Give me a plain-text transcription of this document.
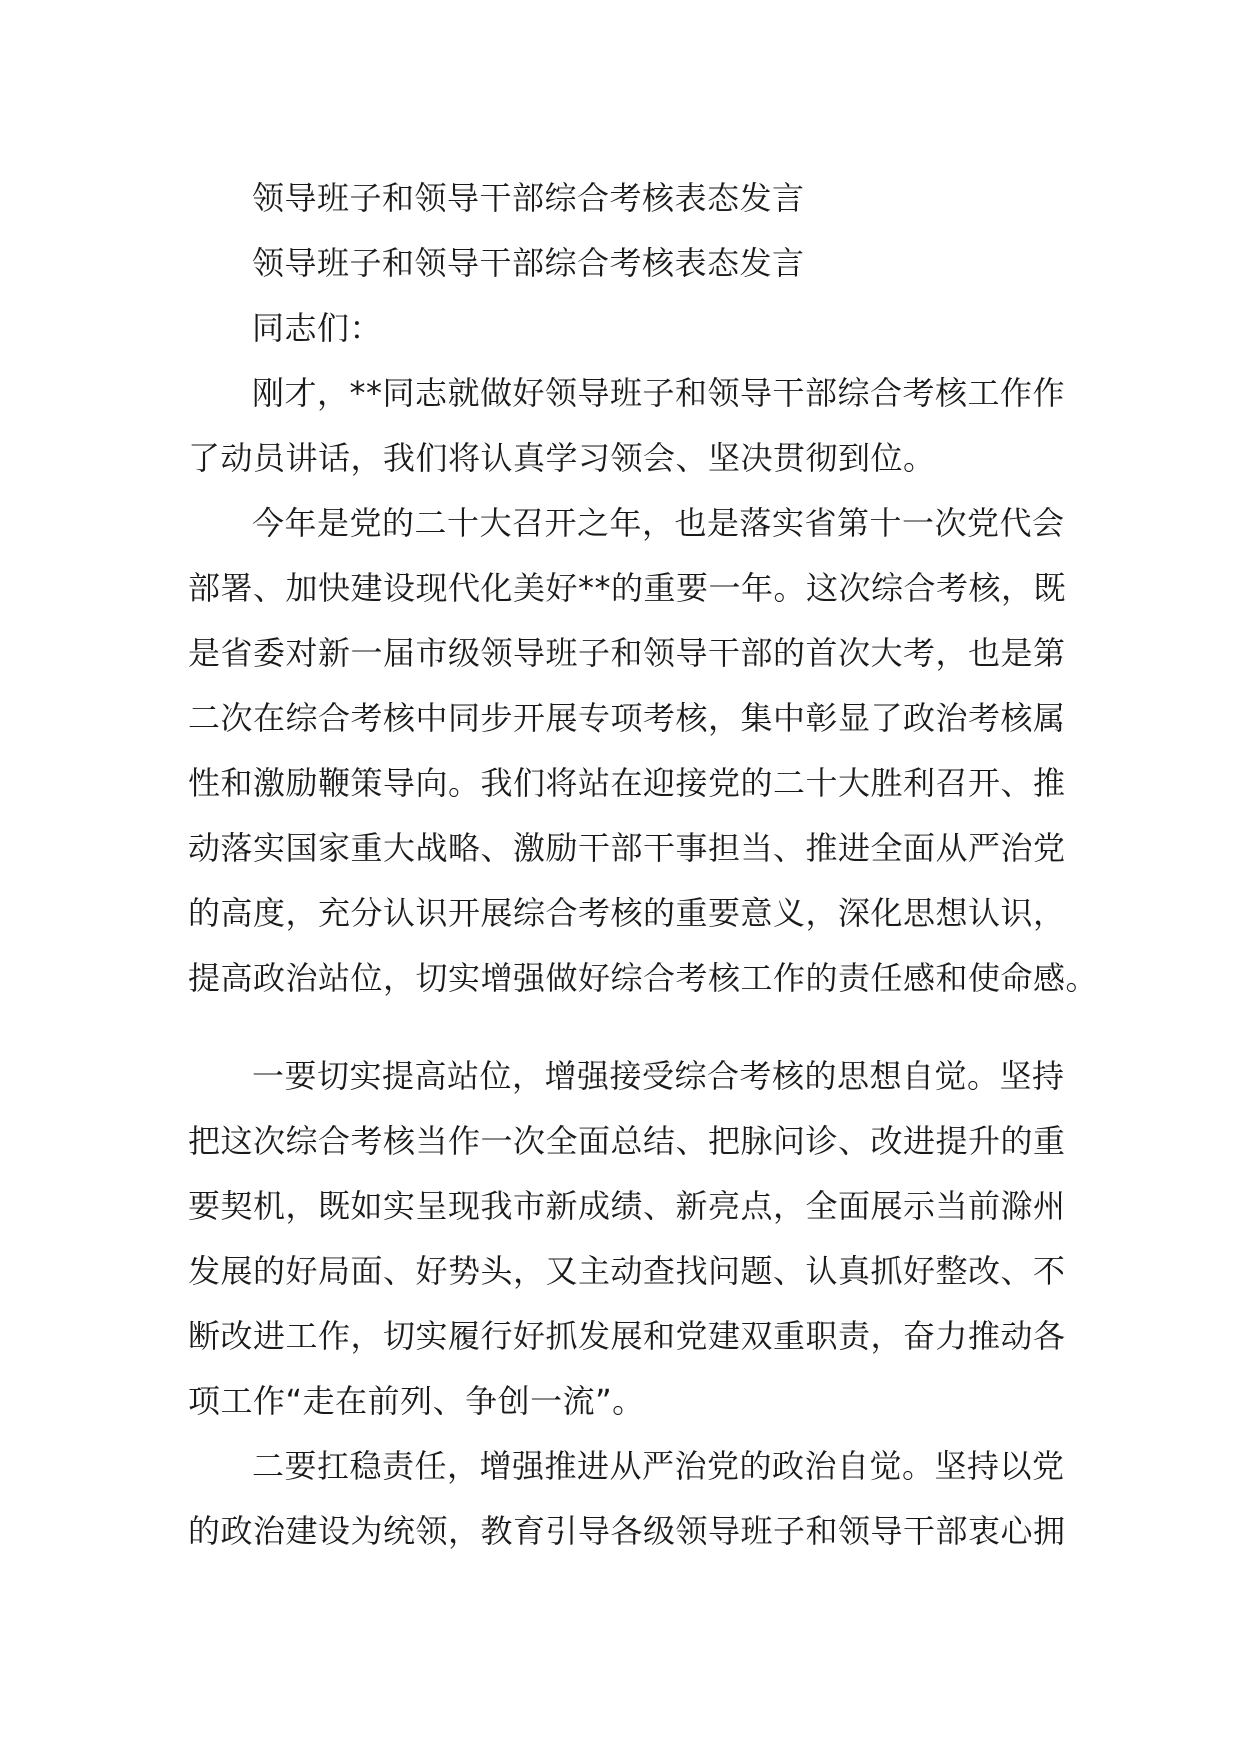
领导班子和领导干部综合考核表态发言

领导班子和领导干部综合考核表态发言

同志们：

刚才，**同志就做好领导班子和领导干部综合考核工作作

了动员讲话，我们将认真学习领会、坚决贯彻到位。

今年是党的二十大召开之年，也是落实省第十一次党代会

部署、加快建设现代化美好**的重要一年。这次综合考核，既

是省委对新一届市级领导班子和领导干部的首次大考，也是第

二次在综合考核中同步开展专项考核，集中彰显了政治考核属

性和激励鞭策导向。我们将站在迎接党的二十大胜利召开、推

动落实国家重大战略、激励干部干事担当、推进全面从严治党

的高度，充分认识开展综合考核的重要意义，深化思想认识，

提高政治站位，切实增强做好综合考核工作的责任感和使命感。

一要切实提高站位，增强接受综合考核的思想自觉。坚持

把这次综合考核当作一次全面总结、把脉问诊、改进提升的重

要契机，既如实呈现我市新成绩、新亮点，全面展示当前滁州

发展的好局面、好势头，又主动查找问题、认真抓好整改、不

断改进工作，切实履行好抓发展和党建双重职责，奋力推动各

项工作“走在前列、争创一流”。

二要扛稳责任，增强推进从严治党的政治自觉。坚持以党

的政治建设为统领，教育引导各级领导班子和领导干部衷心拥
